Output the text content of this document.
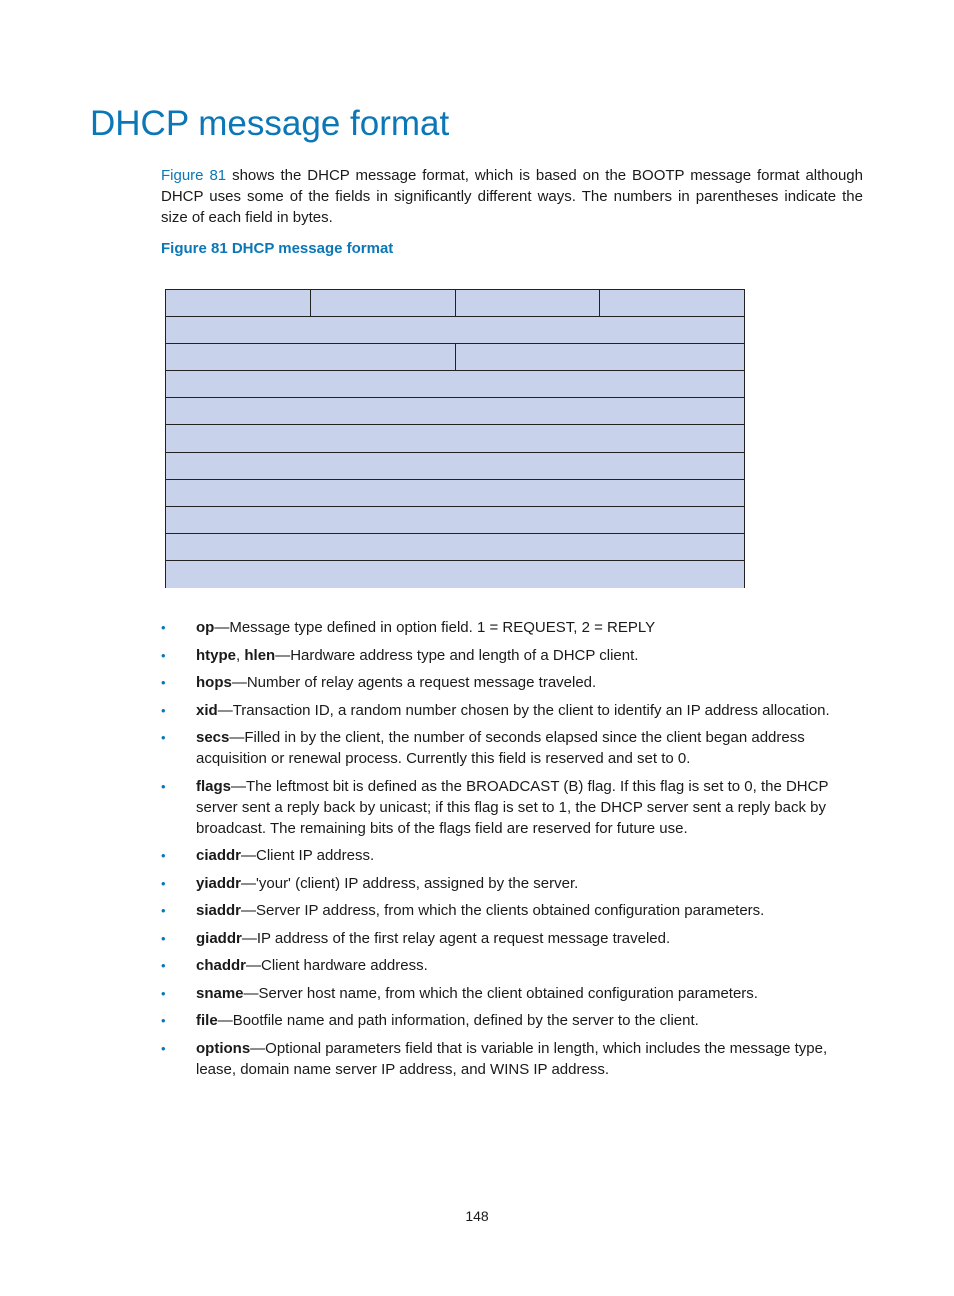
DHCP message format

Figure 81 shows the DHCP message format, which is based on the BOOTP message format although DHCP uses some of the fields in significantly different ways. The numbers in parentheses indicate the size of each field in bytes.

Figure 81 DHCP message format

• op—Message type defined in option field. 1 = REQUEST, 2 = REPLY
• htype, hlen—Hardware address type and length of a DHCP client.
• hops—Number of relay agents a request message traveled.
• xid—Transaction ID, a random number chosen by the client to identify an IP address allocation.
• secs—Filled in by the client, the number of seconds elapsed since the client began address acquisition or renewal process. Currently this field is reserved and set to 0.
• flags—The leftmost bit is defined as the BROADCAST (B) flag. If this flag is set to 0, the DHCP server sent a reply back by unicast; if this flag is set to 1, the DHCP server sent a reply back by broadcast. The remaining bits of the flags field are reserved for future use.
• ciaddr—Client IP address.
• yiaddr—'your' (client) IP address, assigned by the server.
• siaddr—Server IP address, from which the clients obtained configuration parameters.
• giaddr—IP address of the first relay agent a request message traveled.
• chaddr—Client hardware address.
• sname—Server host name, from which the client obtained configuration parameters.
• file—Bootfile name and path information, defined by the server to the client.
• options—Optional parameters field that is variable in length, which includes the message type, lease, domain name server IP address, and WINS IP address.
148
